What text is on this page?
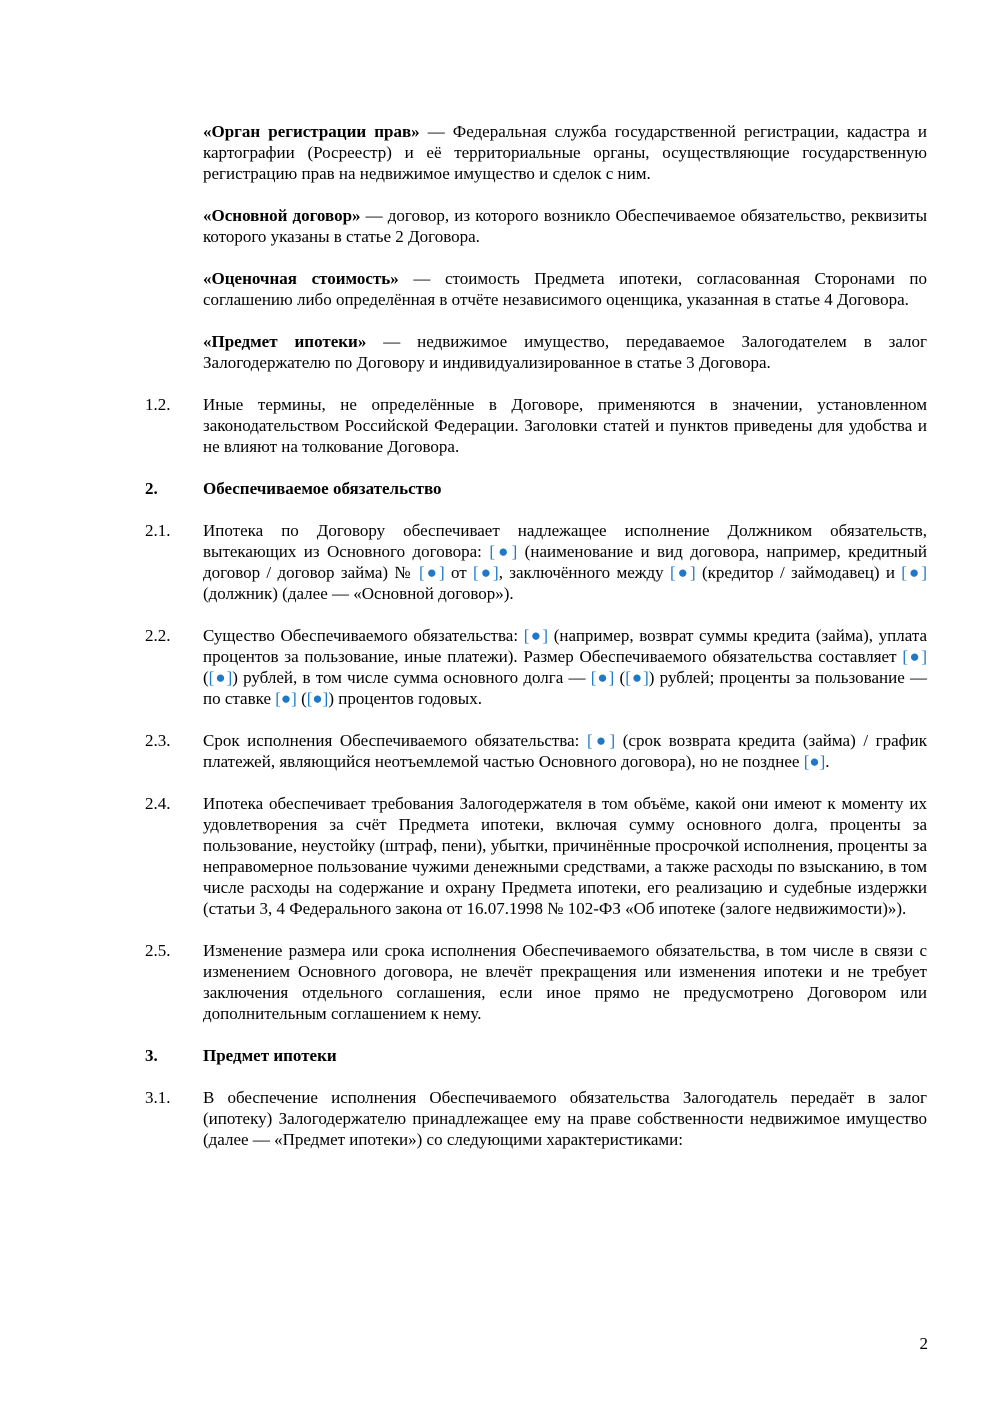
«Орган регистрации прав» — Федеральная служба государственной регистрации, кадастра и картографии (Росреестр) и её территориальные органы, осуществляющие государственную регистрацию прав на недвижимое имущество и сделок с ним.

«Основной договор» — договор, из которого возникло Обеспечиваемое обязательство, реквизиты которого указаны в статье 2 Договора.

«Оценочная стоимость» — стоимость Предмета ипотеки, согласованная Сторонами по соглашению либо определённая в отчёте независимого оценщика, указанная в статье 4 Договора.

«Предмет ипотеки» — недвижимое имущество, передаваемое Залогодателем в залог Залогодержателю по Договору и индивидуализированное в статье 3 Договора.

1.2.	Иные термины, не определённые в Договоре, применяются в значении, установленном законодательством Российской Федерации. Заголовки статей и пунктов приведены для удобства и не влияют на толкование Договора.
2.	Обеспечиваемое обязательство
2.1.	Ипотека по Договору обеспечивает надлежащее исполнение Должником обязательств, вытекающих из Основного договора: [●] (наименование и вид договора, например, кредитный договор / договор займа) № [●] от [●], заключённого между [●] (кредитор / займодавец) и [●] (должник) (далее — «Основной договор»).
2.2.	Существо Обеспечиваемого обязательства: [●] (например, возврат суммы кредита (займа), уплата процентов за пользование, иные платежи). Размер Обеспечиваемого обязательства составляет [●] ([●]) рублей, в том числе сумма основного долга — [●] ([●]) рублей; проценты за пользование — по ставке [●] ([●]) процентов годовых.
2.3.	Срок исполнения Обеспечиваемого обязательства: [●] (срок возврата кредита (займа) / график платежей, являющийся неотъемлемой частью Основного договора), но не позднее [●].
2.4.	Ипотека обеспечивает требования Залогодержателя в том объёме, какой они имеют к моменту их удовлетворения за счёт Предмета ипотеки, включая сумму основного долга, проценты за пользование, неустойку (штраф, пени), убытки, причинённые просрочкой исполнения, проценты за неправомерное пользование чужими денежными средствами, а также расходы по взысканию, в том числе расходы на содержание и охрану Предмета ипотеки, его реализацию и судебные издержки (статьи 3, 4 Федерального закона от 16.07.1998 № 102-ФЗ «Об ипотеке (залоге недвижимости)»).
2.5.	Изменение размера или срока исполнения Обеспечиваемого обязательства, в том числе в связи с изменением Основного договора, не влечёт прекращения или изменения ипотеки и не требует заключения отдельного соглашения, если иное прямо не предусмотрено Договором или дополнительным соглашением к нему.
3.	Предмет ипотеки
3.1.	В обеспечение исполнения Обеспечиваемого обязательства Залогодатель передаёт в залог (ипотеку) Залогодержателю принадлежащее ему на праве собственности недвижимое имущество (далее — «Предмет ипотеки») со следующими характеристиками:
2
